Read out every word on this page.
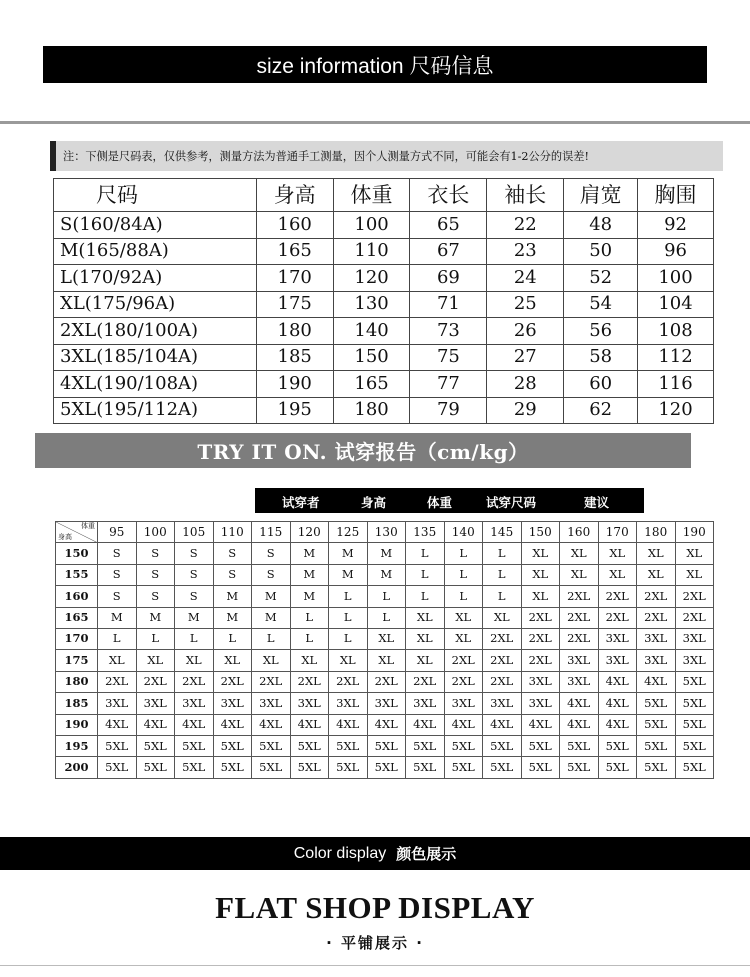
size information 尺码信息
注：下侧是尺码表，仅供参考，测量方法为普通手工测量，因个人测量方式不同，可能会有1-2公分的误差!
尺码	身高	体重	衣长	袖长	肩宽	胸围
S(160/84A)	160	100	65	22	48	92
M(165/88A)	165	110	67	23	50	96
L(170/92A)	170	120	69	24	52	100
XL(175/96A)	175	130	71	25	54	104
2XL(180/100A)	180	140	73	26	56	108
3XL(185/104A)	185	150	75	27	58	112
4XL(190/108A)	190	165	77	28	60	116
5XL(195/112A)	195	180	79	29	62	120
TRY IT ON. 试穿报告（cm/kg）
试穿者	身高	体重	试穿尺码	建议
体重
身高	95	100	105	110	115	120	125	130	135	140	145	150	160	170	180	190
150	S	S	S	S	S	M	M	M	L	L	L	XL	XL	XL	XL	XL
155	S	S	S	S	S	M	M	M	L	L	L	XL	XL	XL	XL	XL
160	S	S	S	M	M	M	L	L	L	L	L	XL	2XL	2XL	2XL	2XL
165	M	M	M	M	M	L	L	L	XL	XL	XL	2XL	2XL	2XL	2XL	2XL
170	L	L	L	L	L	L	L	XL	XL	XL	2XL	2XL	2XL	3XL	3XL	3XL
175	XL	XL	XL	XL	XL	XL	XL	XL	XL	2XL	2XL	2XL	3XL	3XL	3XL	3XL
180	2XL	2XL	2XL	2XL	2XL	2XL	2XL	2XL	2XL	2XL	2XL	3XL	3XL	4XL	4XL	5XL
185	3XL	3XL	3XL	3XL	3XL	3XL	3XL	3XL	3XL	3XL	3XL	3XL	4XL	4XL	5XL	5XL
190	4XL	4XL	4XL	4XL	4XL	4XL	4XL	4XL	4XL	4XL	4XL	4XL	4XL	4XL	5XL	5XL
195	5XL	5XL	5XL	5XL	5XL	5XL	5XL	5XL	5XL	5XL	5XL	5XL	5XL	5XL	5XL	5XL
200	5XL	5XL	5XL	5XL	5XL	5XL	5XL	5XL	5XL	5XL	5XL	5XL	5XL	5XL	5XL	5XL
Color display 颜色展示
FLAT SHOP DISPLAY
· 平铺展示 ·
